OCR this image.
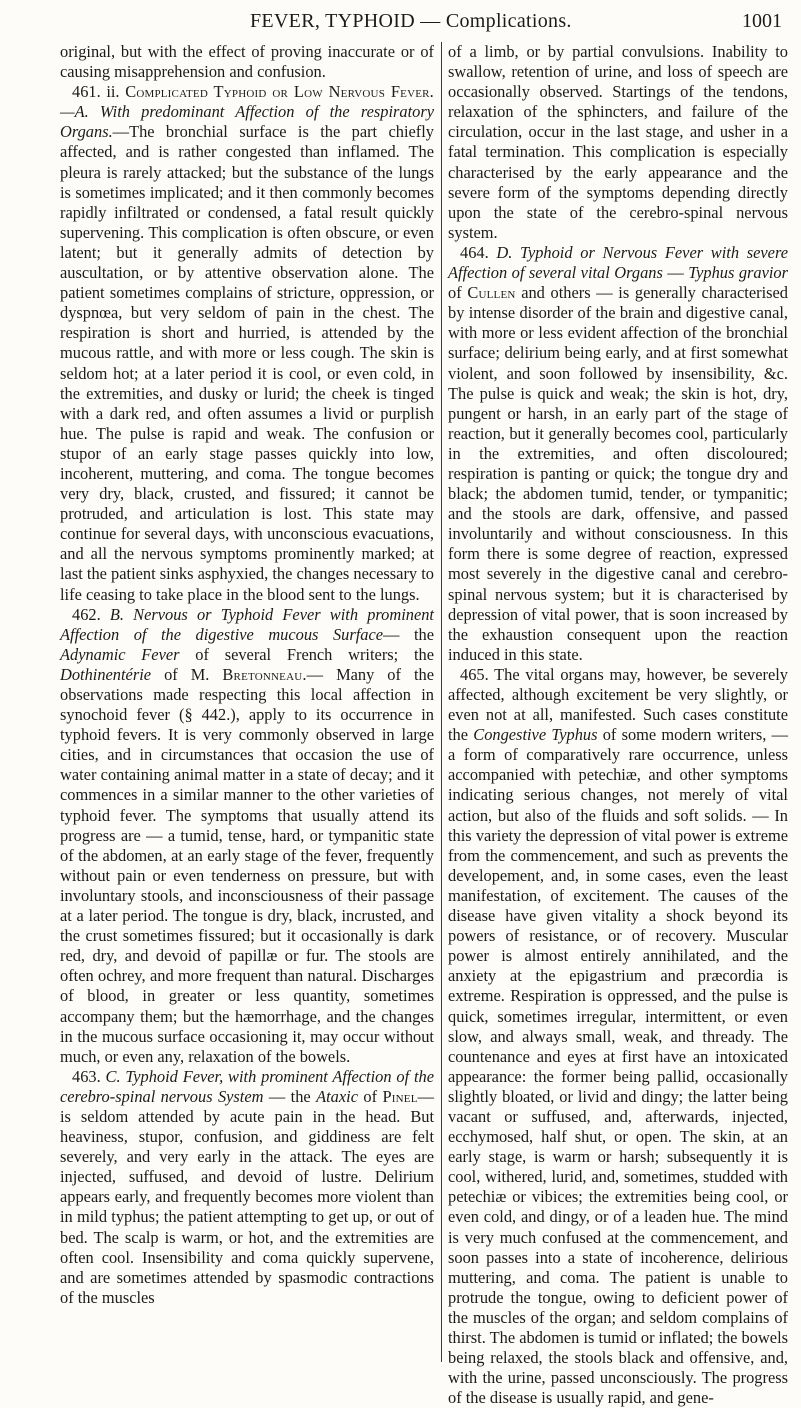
FEVER, TYPHOID — Complications.	1001

original, but with the effect of proving inaccurate or of causing misapprehension and confusion.

461. ii. Complicated Typhoid or Low Nervous Fever.—A. With predominant Affection of the respiratory Organs.—The bronchial surface is the part chiefly affected, and is rather congested than inflamed. The pleura is rarely attacked; but the substance of the lungs is sometimes implicated; and it then commonly becomes rapidly infiltrated or condensed, a fatal result quickly supervening. This complication is often obscure, or even latent; but it generally admits of detection by auscultation, or by attentive observation alone. The patient sometimes complains of stricture, oppression, or dyspnœa, but very seldom of pain in the chest. The respiration is short and hurried, is attended by the mucous rattle, and with more or less cough. The skin is seldom hot; at a later period it is cool, or even cold, in the extremities, and dusky or lurid; the cheek is tinged with a dark red, and often assumes a livid or purplish hue. The pulse is rapid and weak. The confusion or stupor of an early stage passes quickly into low, incoherent, muttering, and coma. The tongue becomes very dry, black, crusted, and fissured; it cannot be protruded, and articulation is lost. This state may continue for several days, with unconscious evacuations, and all the nervous symptoms prominently marked; at last the patient sinks asphyxied, the changes necessary to life ceasing to take place in the blood sent to the lungs.

462. B. Nervous or Typhoid Fever with prominent Affection of the digestive mucous Surface— the Adynamic Fever of several French writers; the Dothinentérie of M. Bretonneau.— Many of the observations made respecting this local affection in synochoid fever (§ 442.), apply to its occurrence in typhoid fevers. It is very commonly observed in large cities, and in circumstances that occasion the use of water containing animal matter in a state of decay; and it commences in a similar manner to the other varieties of typhoid fever. The symptoms that usually attend its progress are — a tumid, tense, hard, or tympanitic state of the abdomen, at an early stage of the fever, frequently without pain or even tenderness on pressure, but with involuntary stools, and inconsciousness of their passage at a later period. The tongue is dry, black, incrusted, and the crust sometimes fissured; but it occasionally is dark red, dry, and devoid of papillæ or fur. The stools are often ochrey, and more frequent than natural. Discharges of blood, in greater or less quantity, sometimes accompany them; but the hæmorrhage, and the changes in the mucous surface occasioning it, may occur without much, or even any, relaxation of the bowels.

463. C. Typhoid Fever, with prominent Affection of the cerebro-spinal nervous System — the Ataxic of Pinel— is seldom attended by acute pain in the head. But heaviness, stupor, confusion, and giddiness are felt severely, and very early in the attack. The eyes are injected, suffused, and devoid of lustre. Delirium appears early, and frequently becomes more violent than in mild typhus; the patient attempting to get up, or out of bed. The scalp is warm, or hot, and the extremities are often cool. Insensibility and coma quickly supervene, and are sometimes attended by spasmodic contractions of the muscles

of a limb, or by partial convulsions. Inability to swallow, retention of urine, and loss of speech are occasionally observed. Startings of the tendons, relaxation of the sphincters, and failure of the circulation, occur in the last stage, and usher in a fatal termination. This complication is especially characterised by the early appearance and the severe form of the symptoms depending directly upon the state of the cerebro-spinal nervous system.

464. D. Typhoid or Nervous Fever with severe Affection of several vital Organs — Typhus gravior of Cullen and others — is generally characterised by intense disorder of the brain and digestive canal, with more or less evident affection of the bronchial surface; delirium being early, and at first somewhat violent, and soon followed by insensibility, &c. The pulse is quick and weak; the skin is hot, dry, pungent or harsh, in an early part of the stage of reaction, but it generally becomes cool, particularly in the extremities, and often discoloured; respiration is panting or quick; the tongue dry and black; the abdomen tumid, tender, or tympanitic; and the stools are dark, offensive, and passed involuntarily and without consciousness. In this form there is some degree of reaction, expressed most severely in the digestive canal and cerebro-spinal nervous system; but it is characterised by depression of vital power, that is soon increased by the exhaustion consequent upon the reaction induced in this state.

465. The vital organs may, however, be severely affected, although excitement be very slightly, or even not at all, manifested. Such cases constitute the Congestive Typhus of some modern writers, — a form of comparatively rare occurrence, unless accompanied with petechiæ, and other symptoms indicating serious changes, not merely of vital action, but also of the fluids and soft solids. — In this variety the depression of vital power is extreme from the commencement, and such as prevents the developement, and, in some cases, even the least manifestation, of excitement. The causes of the disease have given vitality a shock beyond its powers of resistance, or of recovery. Muscular power is almost entirely annihilated, and the anxiety at the epigastrium and præcordia is extreme. Respiration is oppressed, and the pulse is quick, sometimes irregular, intermittent, or even slow, and always small, weak, and thready. The countenance and eyes at first have an intoxicated appearance: the former being pallid, occasionally slightly bloated, or livid and dingy; the latter being vacant or suffused, and, afterwards, injected, ecchymosed, half shut, or open. The skin, at an early stage, is warm or harsh; subsequently it is cool, withered, lurid, and, sometimes, studded with petechiæ or vibices; the extremities being cool, or even cold, and dingy, or of a leaden hue. The mind is very much confused at the commencement, and soon passes into a state of incoherence, delirious muttering, and coma. The patient is unable to protrude the tongue, owing to deficient power of the muscles of the organ; and seldom complains of thirst. The abdomen is tumid or inflated; the bowels being relaxed, the stools black and offensive, and, with the urine, passed unconsciously. The progress of the disease is usually rapid, and gene-
